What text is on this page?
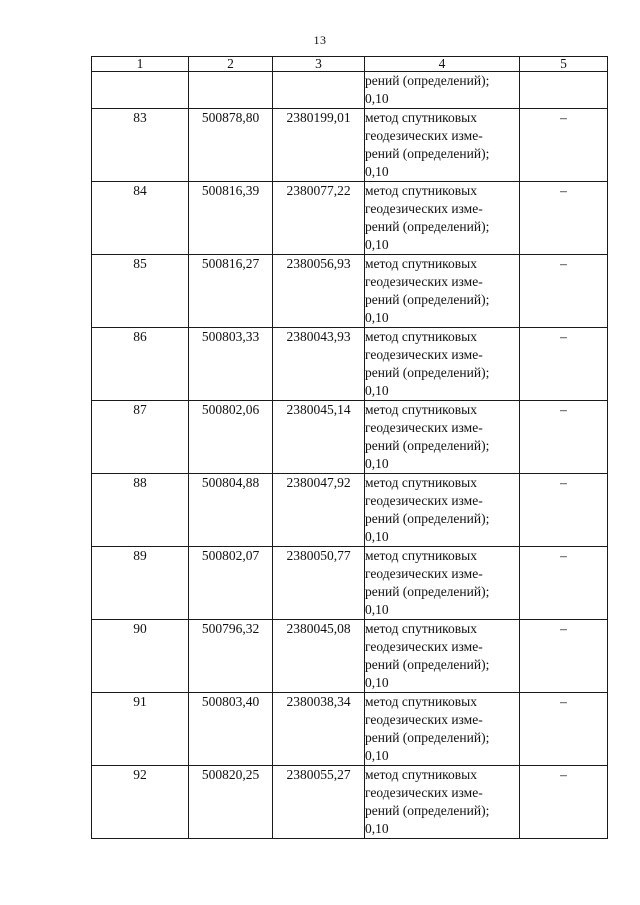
13
1	2	3	4	5

			рений (определений);
0,10	

83	500878,80	2380199,01	метод спутниковых
геодезических изме-
рений (определений);
0,10	–
84	500816,39	2380077,22	метод спутниковых
геодезических изме-
рений (определений);
0,10	–
85	500816,27	2380056,93	метод спутниковых
геодезических изме-
рений (определений);
0,10	–
86	500803,33	2380043,93	метод спутниковых
геодезических изме-
рений (определений);
0,10	–
87	500802,06	2380045,14	метод спутниковых
геодезических изме-
рений (определений);
0,10	–
88	500804,88	2380047,92	метод спутниковых
геодезических изме-
рений (определений);
0,10	–
89	500802,07	2380050,77	метод спутниковых
геодезических изме-
рений (определений);
0,10	–
90	500796,32	2380045,08	метод спутниковых
геодезических изме-
рений (определений);
0,10	–
91	500803,40	2380038,34	метод спутниковых
геодезических изме-
рений (определений);
0,10	–
92	500820,25	2380055,27	метод спутниковых
геодезических изме-
рений (определений);
0,10	–
